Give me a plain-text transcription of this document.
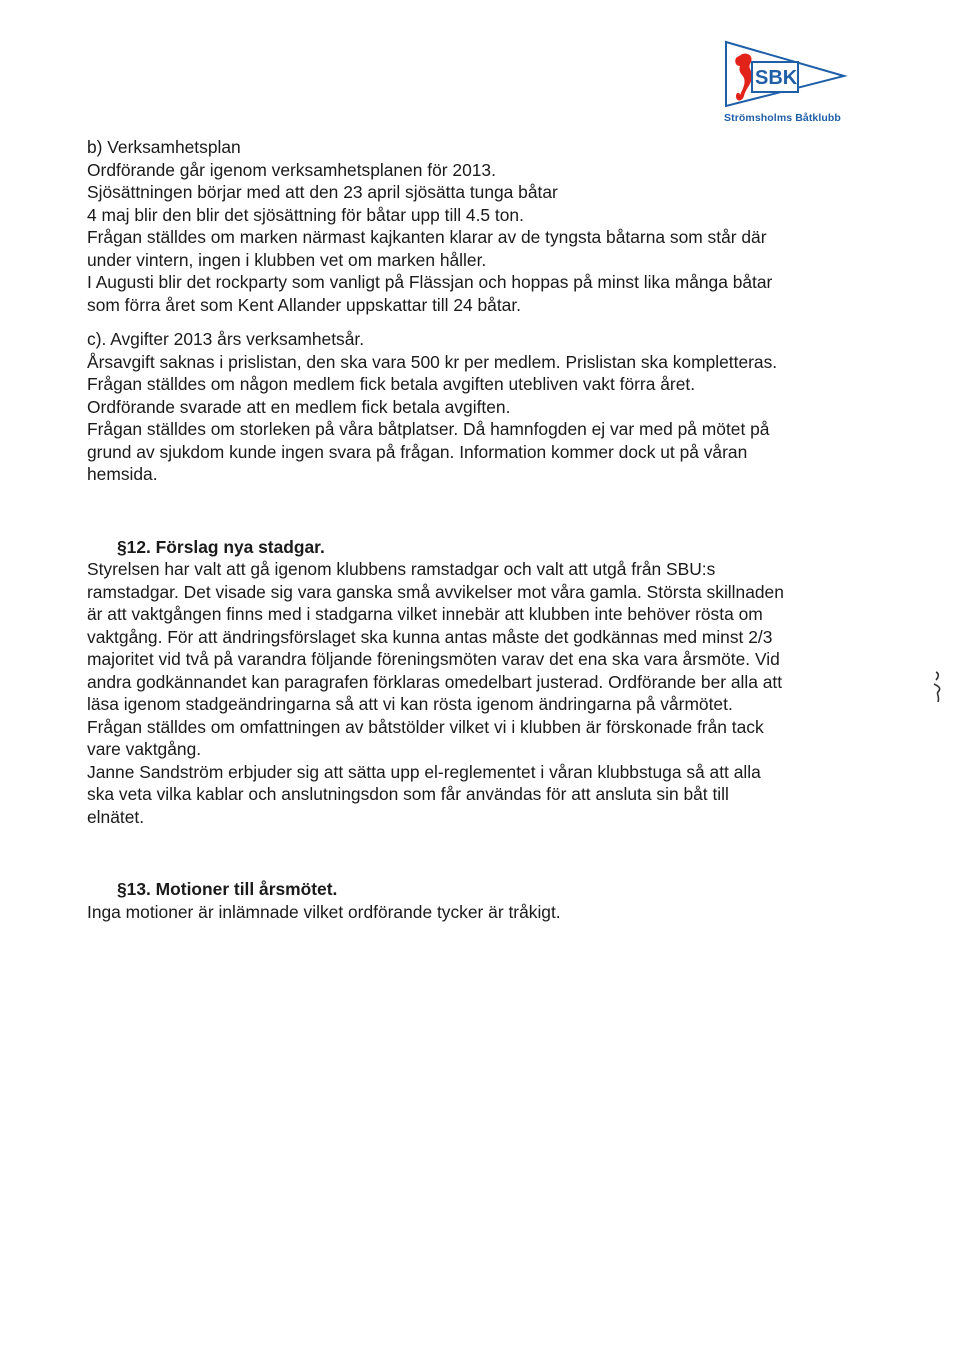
SBK
Strömsholms Båtklubb
b) Verksamhetsplan
Ordförande går igenom verksamhetsplanen för 2013.
Sjösättningen börjar med att den 23 april sjösätta tunga båtar
4 maj blir den blir det sjösättning för båtar upp till 4.5 ton.
Frågan ställdes om marken närmast kajkanten klarar av de tyngsta båtarna som står där
under vintern, ingen i klubben vet om marken håller.
I Augusti blir det rockparty som vanligt på Flässjan och hoppas på minst lika många båtar
som förra året som Kent Allander uppskattar till 24 båtar.
c). Avgifter 2013 års verksamhetsår.
Årsavgift saknas i prislistan, den ska vara 500 kr per medlem. Prislistan ska kompletteras.
Frågan ställdes om någon medlem fick betala avgiften utebliven vakt förra året.
Ordförande svarade att en medlem fick betala avgiften.
Frågan ställdes om storleken på våra båtplatser. Då hamnfogden ej var med på mötet på
grund av sjukdom kunde ingen svara på frågan. Information kommer dock ut på våran
hemsida.
§12. Förslag nya stadgar.
Styrelsen har valt att gå igenom klubbens ramstadgar och valt att utgå från SBU:s
ramstadgar. Det visade sig vara ganska små avvikelser mot våra gamla. Största skillnaden
är att vaktgången finns med i stadgarna vilket innebär att klubben inte behöver rösta om
vaktgång. För att ändringsförslaget ska kunna antas måste det godkännas med minst 2/3
majoritet vid två på varandra följande föreningsmöten varav det ena ska vara årsmöte. Vid
andra godkännandet kan paragrafen förklaras omedelbart justerad. Ordförande ber alla att
läsa igenom stadgeändringarna så att vi kan rösta igenom ändringarna på vårmötet.
Frågan ställdes om omfattningen av båtstölder vilket vi i klubben är förskonade från tack
vare vaktgång.
Janne Sandström erbjuder sig att sätta upp el-reglementet i våran klubbstuga så att alla
ska veta vilka kablar och anslutningsdon som får användas för att ansluta sin båt till
elnätet.
§13. Motioner till årsmötet.
Inga motioner är inlämnade vilket ordförande tycker är tråkigt.
